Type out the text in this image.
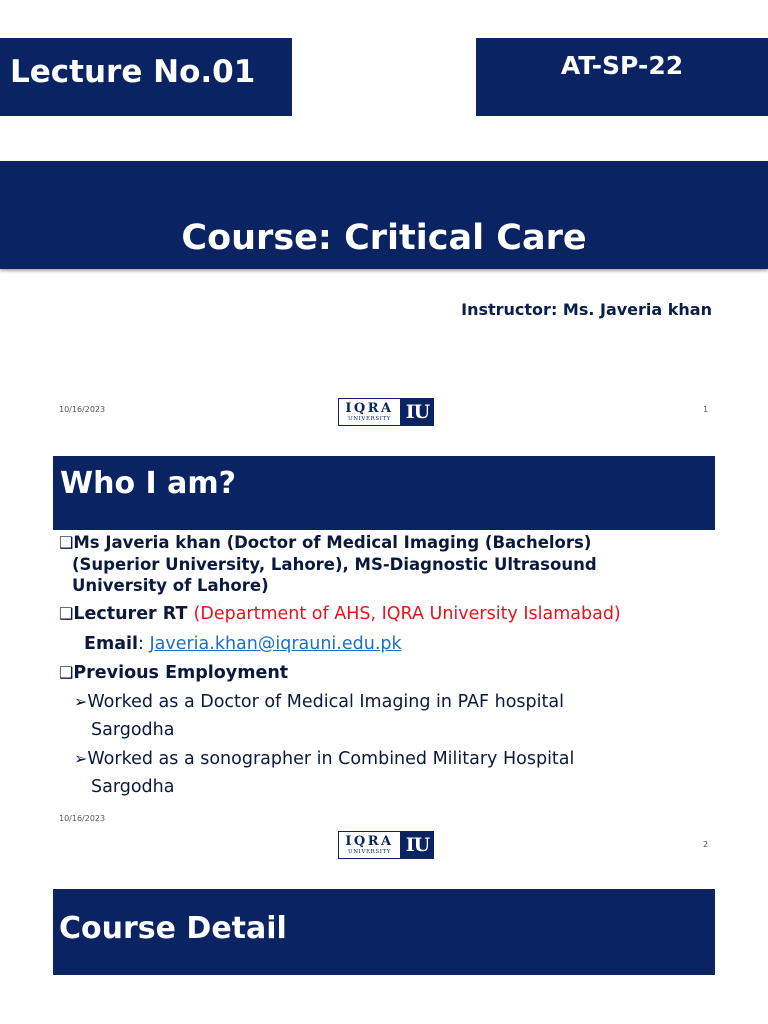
Lecture No.01	AT-SP-22
Course: Critical Care
Instructor: Ms. Javeria khan
10/16/2023	IQRA
UNIVERSITY IU	1
Who I am?
❑Ms Javeria khan (Doctor of Medical Imaging (Bachelors)
(Superior University, Lahore), MS-Diagnostic Ultrasound
University of Lahore)
❑Lecturer RT (Department of AHS, IQRA University Islamabad)
Email: Javeria.khan@iqrauni.edu.pk
❑Previous Employment
➢Worked as a Doctor of Medical Imaging in PAF hospital
Sargodha
➢Worked as a sonographer in Combined Military Hospital
Sargodha
10/16/2023
IQRA
UNIVERSITY IU	2
Course Detail
